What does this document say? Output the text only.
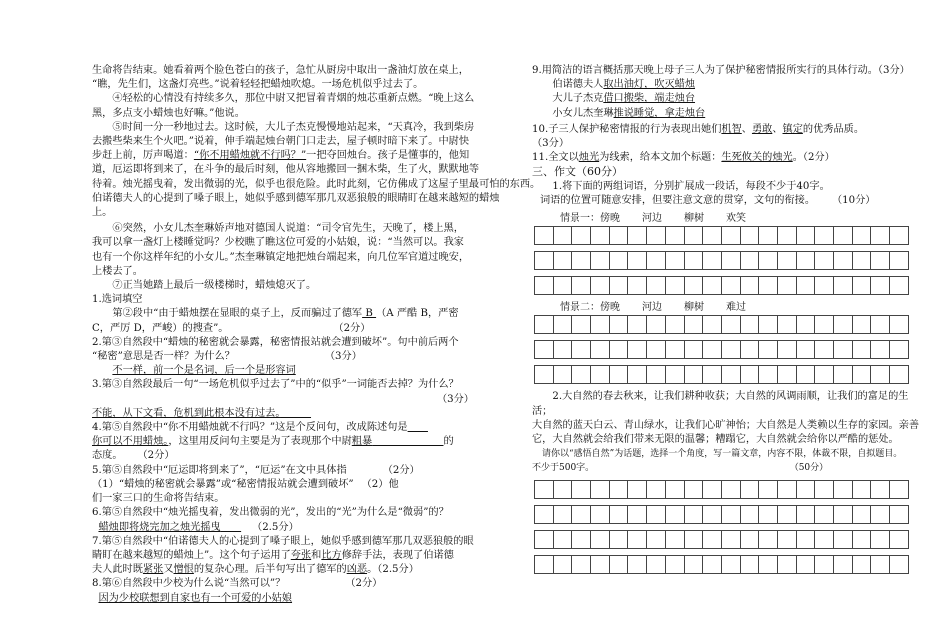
生命将告结束。她看着两个脸色苍白的孩子，急忙从厨房中取出一盏油灯放在桌上，

“瞧，先生们，这盏灯亮些。”说着轻轻把蜡烛吹熄。一场危机似乎过去了。

④轻松的心情没有持续多久，那位中尉又把冒着青烟的烛芯重新点燃。“晚上这么

黑，多点支小蜡烛也好嘛。”他说。

⑤时间一分一秒地过去。这时候，大儿子杰克慢慢地站起来，“天真冷，我到柴房

去搬些柴来生个火吧。”说着，伸手端起烛台朝门口走去，屋子顿时暗下来了。中尉快

步赶上前，厉声喝道：“你不用蜡烛就不行吗？”一把夺回烛台。孩子是懂事的，他知

道，厄运即将到来了，在斗争的最后时刻，他从容地搬回一捆木柴，生了火，默默地等

待着。烛光摇曳着，发出微弱的光，似乎也很危险。此时此刻，它仿佛成了这屋子里最可怕的东西。

伯诺德夫人的心提到了嗓子眼上，她似乎感到德军那几双恶狼般的眼睛盯在越来越短的蜡烛

上。

⑥突然，小女儿杰奎琳娇声地对德国人说道：“司令官先生，天晚了，楼上黑，

我可以拿一盏灯上楼睡觉吗？少校瞧了瞧这位可爱的小姑娘，说：“当然可以。我家

也有一个你这样年纪的小女儿。”杰奎琳镇定地把烛台端起来，向几位军官道过晚安，

上楼去了。

⑦正当她踏上最后一级楼梯时，蜡烛熄灭了。

1.选词填空

第②段中“由于蜡烛摆在显眼的桌子上，反而骗过了德军 B （A 严酷 B，严密

C，严厉 D，严峻）的搜查”。	（2分）

2.第③自然段中“蜡烛的秘密就会暴露，秘密情报站就会遭到破坏”。句中前后两个

“秘密”意思是否一样？为什么？	（3分）

不一样，前一个是名词，后一个是形容词

3.第③自然段最后一句“一场危机似乎过去了”中的“似乎”一词能否去掉？为什么？

（3分）

不能，从下文看，危机到此根本没有过去。　　　

4.第⑤自然段中“你不用蜡烛就不行吗？”这是个反问句，改成陈述句是　　

你可以不用蜡烛。，这里用反问句主要是为了表现那个中尉粗暴　　　　　　　	的

态度。 （2分）

5.第⑤自然段中“厄运即将到来了”，“厄运”在文中具体指	（2分）

（1）“蜡烛的秘密就会暴露”或“秘密情报站就会遭到破坏” （2）他

们一家三口的生命将告结束。

6.第⑤自然段中“烛光摇曳着，发出微弱的光”，发出的“光”为什么是“微弱”的？

蜡烛即将烧完加之烛光摇曳　　	（2.5分）

7.第⑤自然段中“伯诺德夫人的心提到了嗓子眼上，她似乎感到德军那几双恶狼般的眼

睛盯在越来越短的蜡烛上”。这个句子运用了夸张和比方修辞手法，表现了伯诺德

夫人此时既紧张又憎恨的复杂心理。后半句写出了德军的凶恶。（2.5分）

8.第⑥自然段中少校为什么说“当然可以”？	（2分）

因为少校联想到自家也有一个可爱的小姑娘

9.用简洁的语言概括那天晚上母子三人为了保护秘密情报所实行的具体行动。（3分）

伯诺德夫人取出油灯，吹灭蜡烛

大儿子杰克借口搬柴，端走烛台

小女儿杰奎琳推说睡觉，拿走烛台

10.子三人保护秘密情报的行为表现出她们机智、勇敢、镇定的优秀品质。

（3分）

11.全文以烛光为线索，给本文加个标题：生死攸关的烛光。（2分）

三、作文（60分）

1.将下面的两组词语，分别扩展成一段话，每段不少于40字。

词语的位置可随意安排，但要注意文意的贯穿，文句的衔接。 （10分）

情景一：傍晚 河边 柳树 欢笑
情景二：傍晚 河边 柳树 难过

2.大自然的春去秋来，让我们耕种收获；大自然的风调雨顺，让我们的富足的生活；

大自然的蓝天白云、青山绿水，让我们心旷神怡；大自然是人类赖以生存的家园。亲善

它，大自然就会给我们带来无限的温馨；糟蹋它，大自然就会给你以严酷的惩处。

请你以“感悟自然”为话题，选择一个角度，写一篇文章，内容不限，体裁不限，自拟题目。

不少于500字。	（50分）
